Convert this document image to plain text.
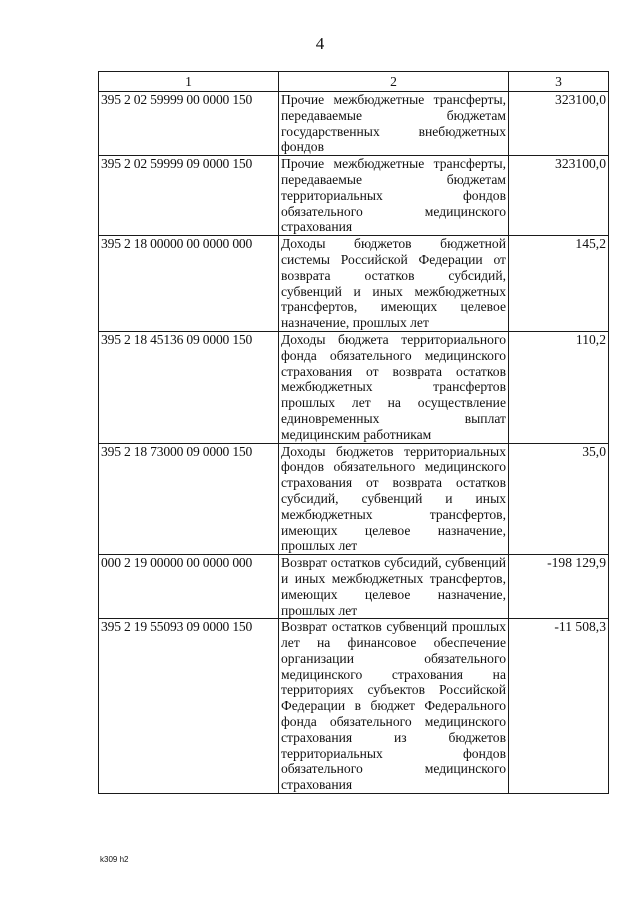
4
1	2	3
395 2 02 59999 00 0000 150	Прочие межбюджетные трансферты, передаваемые бюджетам государственных внебюджетных фондов	323100,0
395 2 02 59999 09 0000 150	Прочие межбюджетные трансферты, передаваемые бюджетам территориальных фондов обязательного медицинского страхования	323100,0
395 2 18 00000 00 0000 000	Доходы бюджетов бюджетной системы Российской Федерации от возврата остатков субсидий, субвенций и иных межбюджетных трансфертов, имеющих целевое назначение, прошлых лет	145,2
395 2 18 45136 09 0000 150	Доходы бюджета территориального фонда обязательного медицинского страхования от возврата остатков межбюджетных трансфертов прошлых лет на осуществление единовременных выплат медицинским работникам	110,2
395 2 18 73000 09 0000 150	Доходы бюджетов территориальных фондов обязательного медицинского страхования от возврата остатков субсидий, субвенций и иных межбюджетных трансфертов, имеющих целевое назначение, прошлых лет	35,0
000 2 19 00000 00 0000 000	Возврат остатков субсидий, субвенций и иных межбюджетных трансфертов, имеющих целевое назначение, прошлых лет	-198 129,9
395 2 19 55093 09 0000 150	Возврат остатков субвенций прошлых лет на финансовое обеспечение организации обязательного медицинского страхования на территориях субъектов Российской Федерации в бюджет Федерального фонда обязательного медицинского страхования из бюджетов территориальных фондов обязательного медицинского страхования	-11 508,3
k309 h2
